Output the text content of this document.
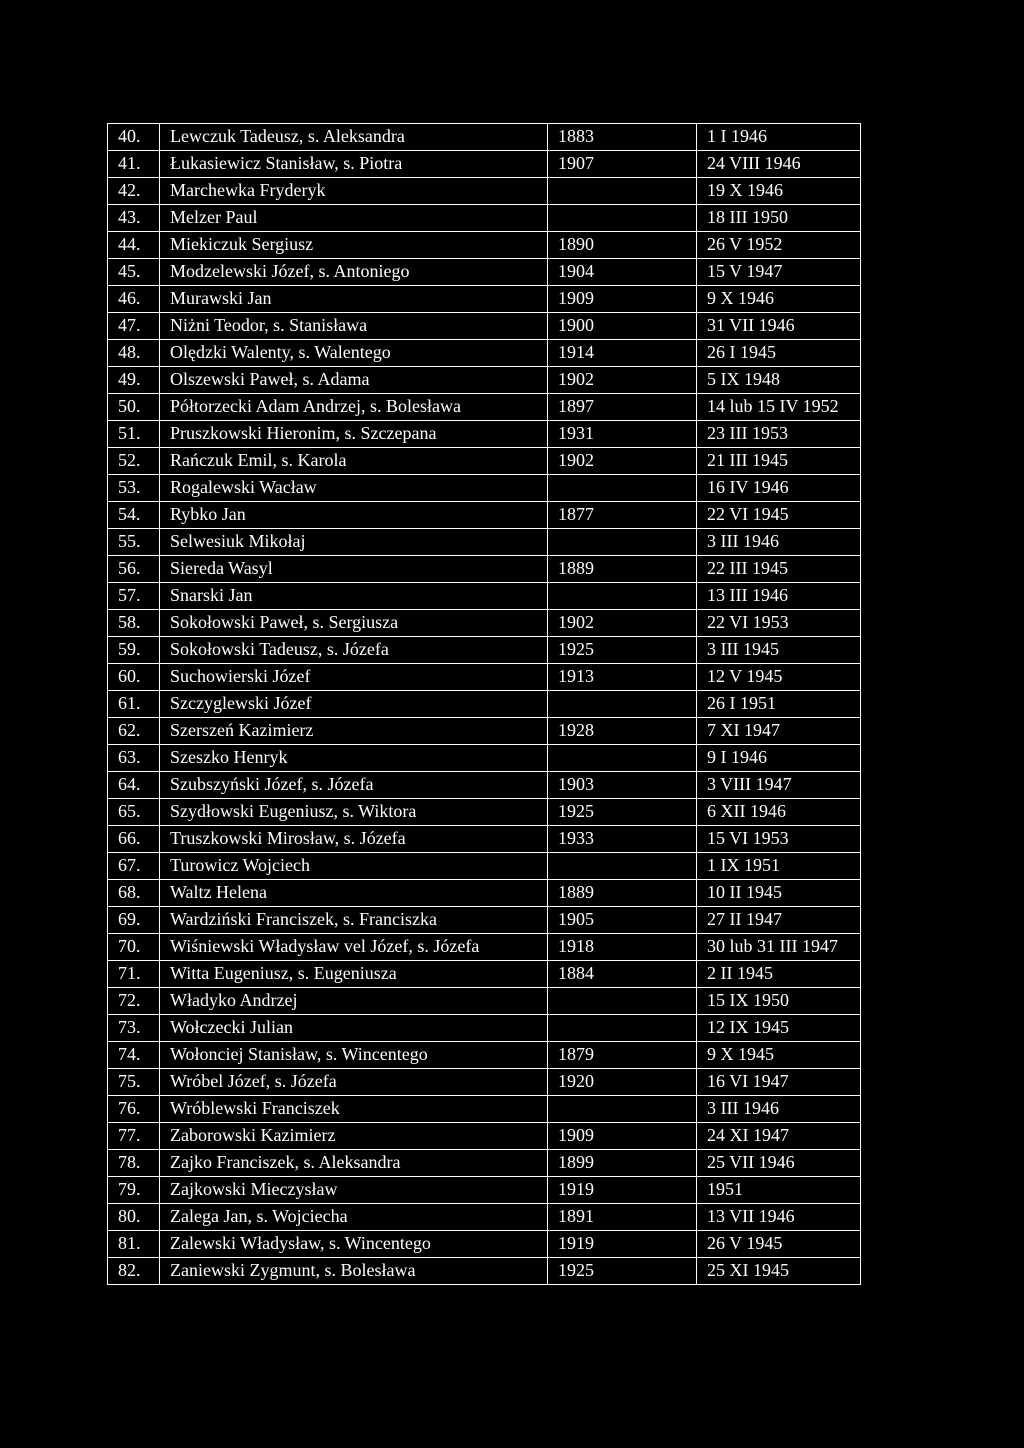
40.	Lewczuk Tadeusz, s. Aleksandra	1883	1 I 1946
41.	Łukasiewicz Stanisław, s. Piotra	1907	24 VIII 1946
42.	Marchewka Fryderyk		19 X 1946
43.	Melzer Paul		18 III 1950
44.	Miekiczuk Sergiusz	1890	26 V 1952
45.	Modzelewski Józef, s. Antoniego	1904	15 V 1947
46.	Murawski Jan	1909	9 X 1946
47.	Niżni Teodor, s. Stanisława	1900	31 VII 1946
48.	Olędzki Walenty, s. Walentego	1914	26 I 1945
49.	Olszewski Paweł, s. Adama	1902	5 IX 1948
50.	Półtorzecki Adam Andrzej, s. Bolesława	1897	14 lub 15 IV 1952
51.	Pruszkowski Hieronim, s. Szczepana	1931	23 III 1953
52.	Rańczuk Emil, s. Karola	1902	21 III 1945
53.	Rogalewski Wacław		16 IV 1946
54.	Rybko Jan	1877	22 VI 1945
55.	Selwesiuk Mikołaj		3 III 1946
56.	Siereda Wasyl	1889	22 III 1945
57.	Snarski Jan		13 III 1946
58.	Sokołowski Paweł, s. Sergiusza	1902	22 VI 1953
59.	Sokołowski Tadeusz, s. Józefa	1925	3 III 1945
60.	Suchowierski Józef	1913	12 V 1945
61.	Szczyglewski Józef		26 I 1951
62.	Szerszeń Kazimierz	1928	7 XI 1947
63.	Szeszko Henryk		9 I 1946
64.	Szubszyński Józef, s. Józefa	1903	3 VIII 1947
65.	Szydłowski Eugeniusz, s. Wiktora	1925	6 XII 1946
66.	Truszkowski Mirosław, s. Józefa	1933	15 VI 1953
67.	Turowicz Wojciech		1 IX 1951
68.	Waltz Helena	1889	10 II 1945
69.	Wardziński Franciszek, s. Franciszka	1905	27 II 1947
70.	Wiśniewski Władysław vel Józef, s. Józefa	1918	30 lub 31 III 1947
71.	Witta Eugeniusz, s. Eugeniusza	1884	2 II 1945
72.	Władyko Andrzej		15 IX 1950
73.	Wołczecki Julian		12 IX 1945
74.	Wołonciej Stanisław, s. Wincentego	1879	9 X 1945
75.	Wróbel Józef, s. Józefa	1920	16 VI 1947
76.	Wróblewski Franciszek		3 III 1946
77.	Zaborowski Kazimierz	1909	24 XI 1947
78.	Zajko Franciszek, s. Aleksandra	1899	25 VII 1946
79.	Zajkowski Mieczysław	1919	1951
80.	Zalega Jan, s. Wojciecha	1891	13 VII 1946
81.	Zalewski Władysław, s. Wincentego	1919	26 V 1945
82.	Zaniewski Zygmunt, s. Bolesława	1925	25 XI 1945
